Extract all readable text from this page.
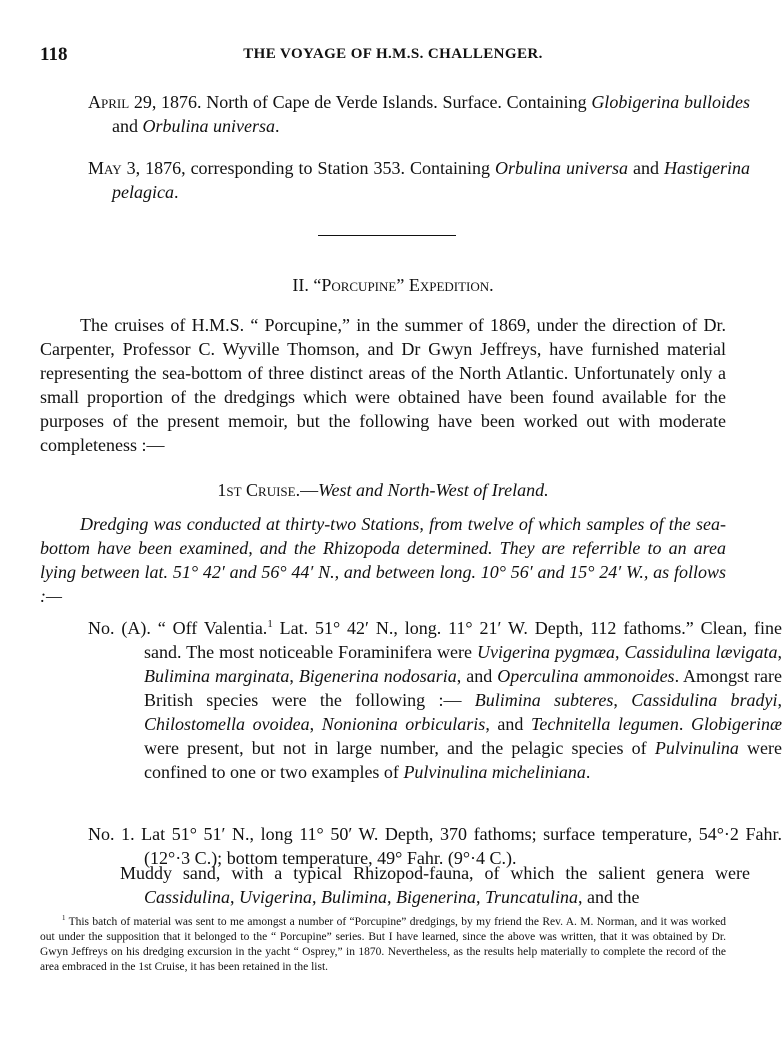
118	THE VOYAGE OF H.M.S. CHALLENGER.

April 29, 1876. North of Cape de Verde Islands. Surface. Containing Globigerina bulloides and Orbulina universa.

May 3, 1876, corresponding to Station 353. Containing Orbulina universa and Hastigerina pelagica.

II. “Porcupine” Expedition.

The cruises of H.M.S. “ Porcupine,” in the summer of 1869, under the direction of Dr. Carpenter, Professor C. Wyville Thomson, and Dr Gwyn Jeffreys, have furnished material representing the sea-bottom of three distinct areas of the North Atlantic. Unfortunately only a small proportion of the dredgings which were obtained have been found available for the purposes of the present memoir, but the following have been worked out with moderate completeness :—

1st Cruise.—West and North-West of Ireland.

Dredging was conducted at thirty-two Stations, from twelve of which samples of the sea-bottom have been examined, and the Rhizopoda determined. They are referrible to an area lying between lat. 51° 42′ and 56° 44′ N., and between long. 10° 56′ and 15° 24′ W., as follows :—

No. (A). “ Off Valentia.$^1$ Lat. 51° 42′ N., long. 11° 21′ W. Depth, 112 fathoms.” Clean, fine sand. The most noticeable Foraminifera were Uvigerina pygmæa, Cassidulina lævigata, Bulimina marginata, Bigenerina nodosaria, and Operculina ammonoides. Amongst rare British species were the following :— Bulimina subteres, Cassidulina bradyi, Chilostomella ovoidea, Nonionina orbicularis, and Technitella legumen. Globigerinæ were present, but not in large number, and the pelagic species of Pulvinulina were confined to one or two examples of Pulvinulina micheliniana.

No. 1. Lat 51° 51′ N., long 11° 50′ W. Depth, 370 fathoms; surface temperature, 54°·2 Fahr. (12°·3 C.); bottom temperature, 49° Fahr. (9°·4 C.).

Muddy sand, with a typical Rhizopod-fauna, of which the salient genera were Cassidulina, Uvigerina, Bulimina, Bigenerina, Truncatulina, and the

$^1$ This batch of material was sent to me amongst a number of “Porcupine” dredgings, by my friend the Rev. A. M. Norman, and it was worked out under the supposition that it belonged to the “ Porcupine” series. But I have learned, since the above was written, that it was obtained by Dr. Gwyn Jeffreys on his dredging excursion in the yacht “ Osprey,” in 1870. Nevertheless, as the results help materially to complete the record of the area embraced in the 1st Cruise, it has been retained in the list.
